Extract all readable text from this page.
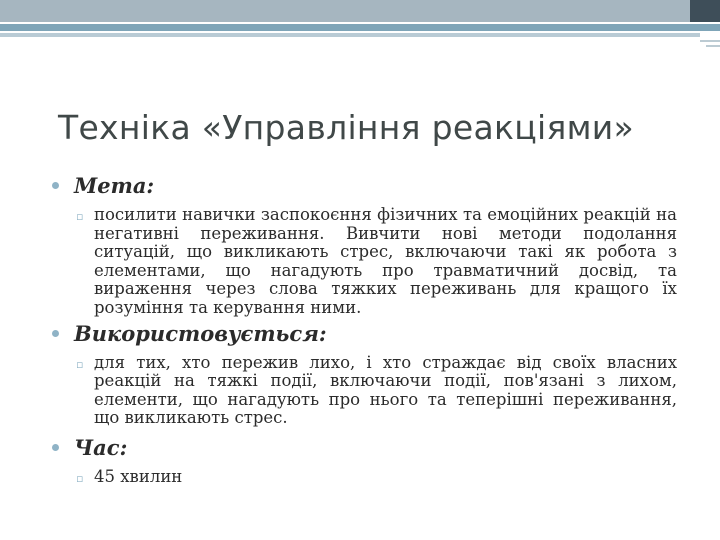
Техніка «Управління реакціями»
Мета:
▫ посилити навички заспокоєння фізичних та емоційних реакцій на негативні переживання. Вивчити нові методи подолання ситуацій, що викликають стрес, включаючи такі як робота з елементами, що нагадують про травматичний досвід, та вираження через слова тяжких переживань для кращого їх розуміння та керування ними.
Використовується:
▫ для тих, хто пережив лихо, і хто страждає від своїх власних реакцій на тяжкі події, включаючи події, пов'язані з лихом, елементи, що нагадують про нього та теперішні переживання, що викликають стрес.
Час:
▫ 45 хвилин
